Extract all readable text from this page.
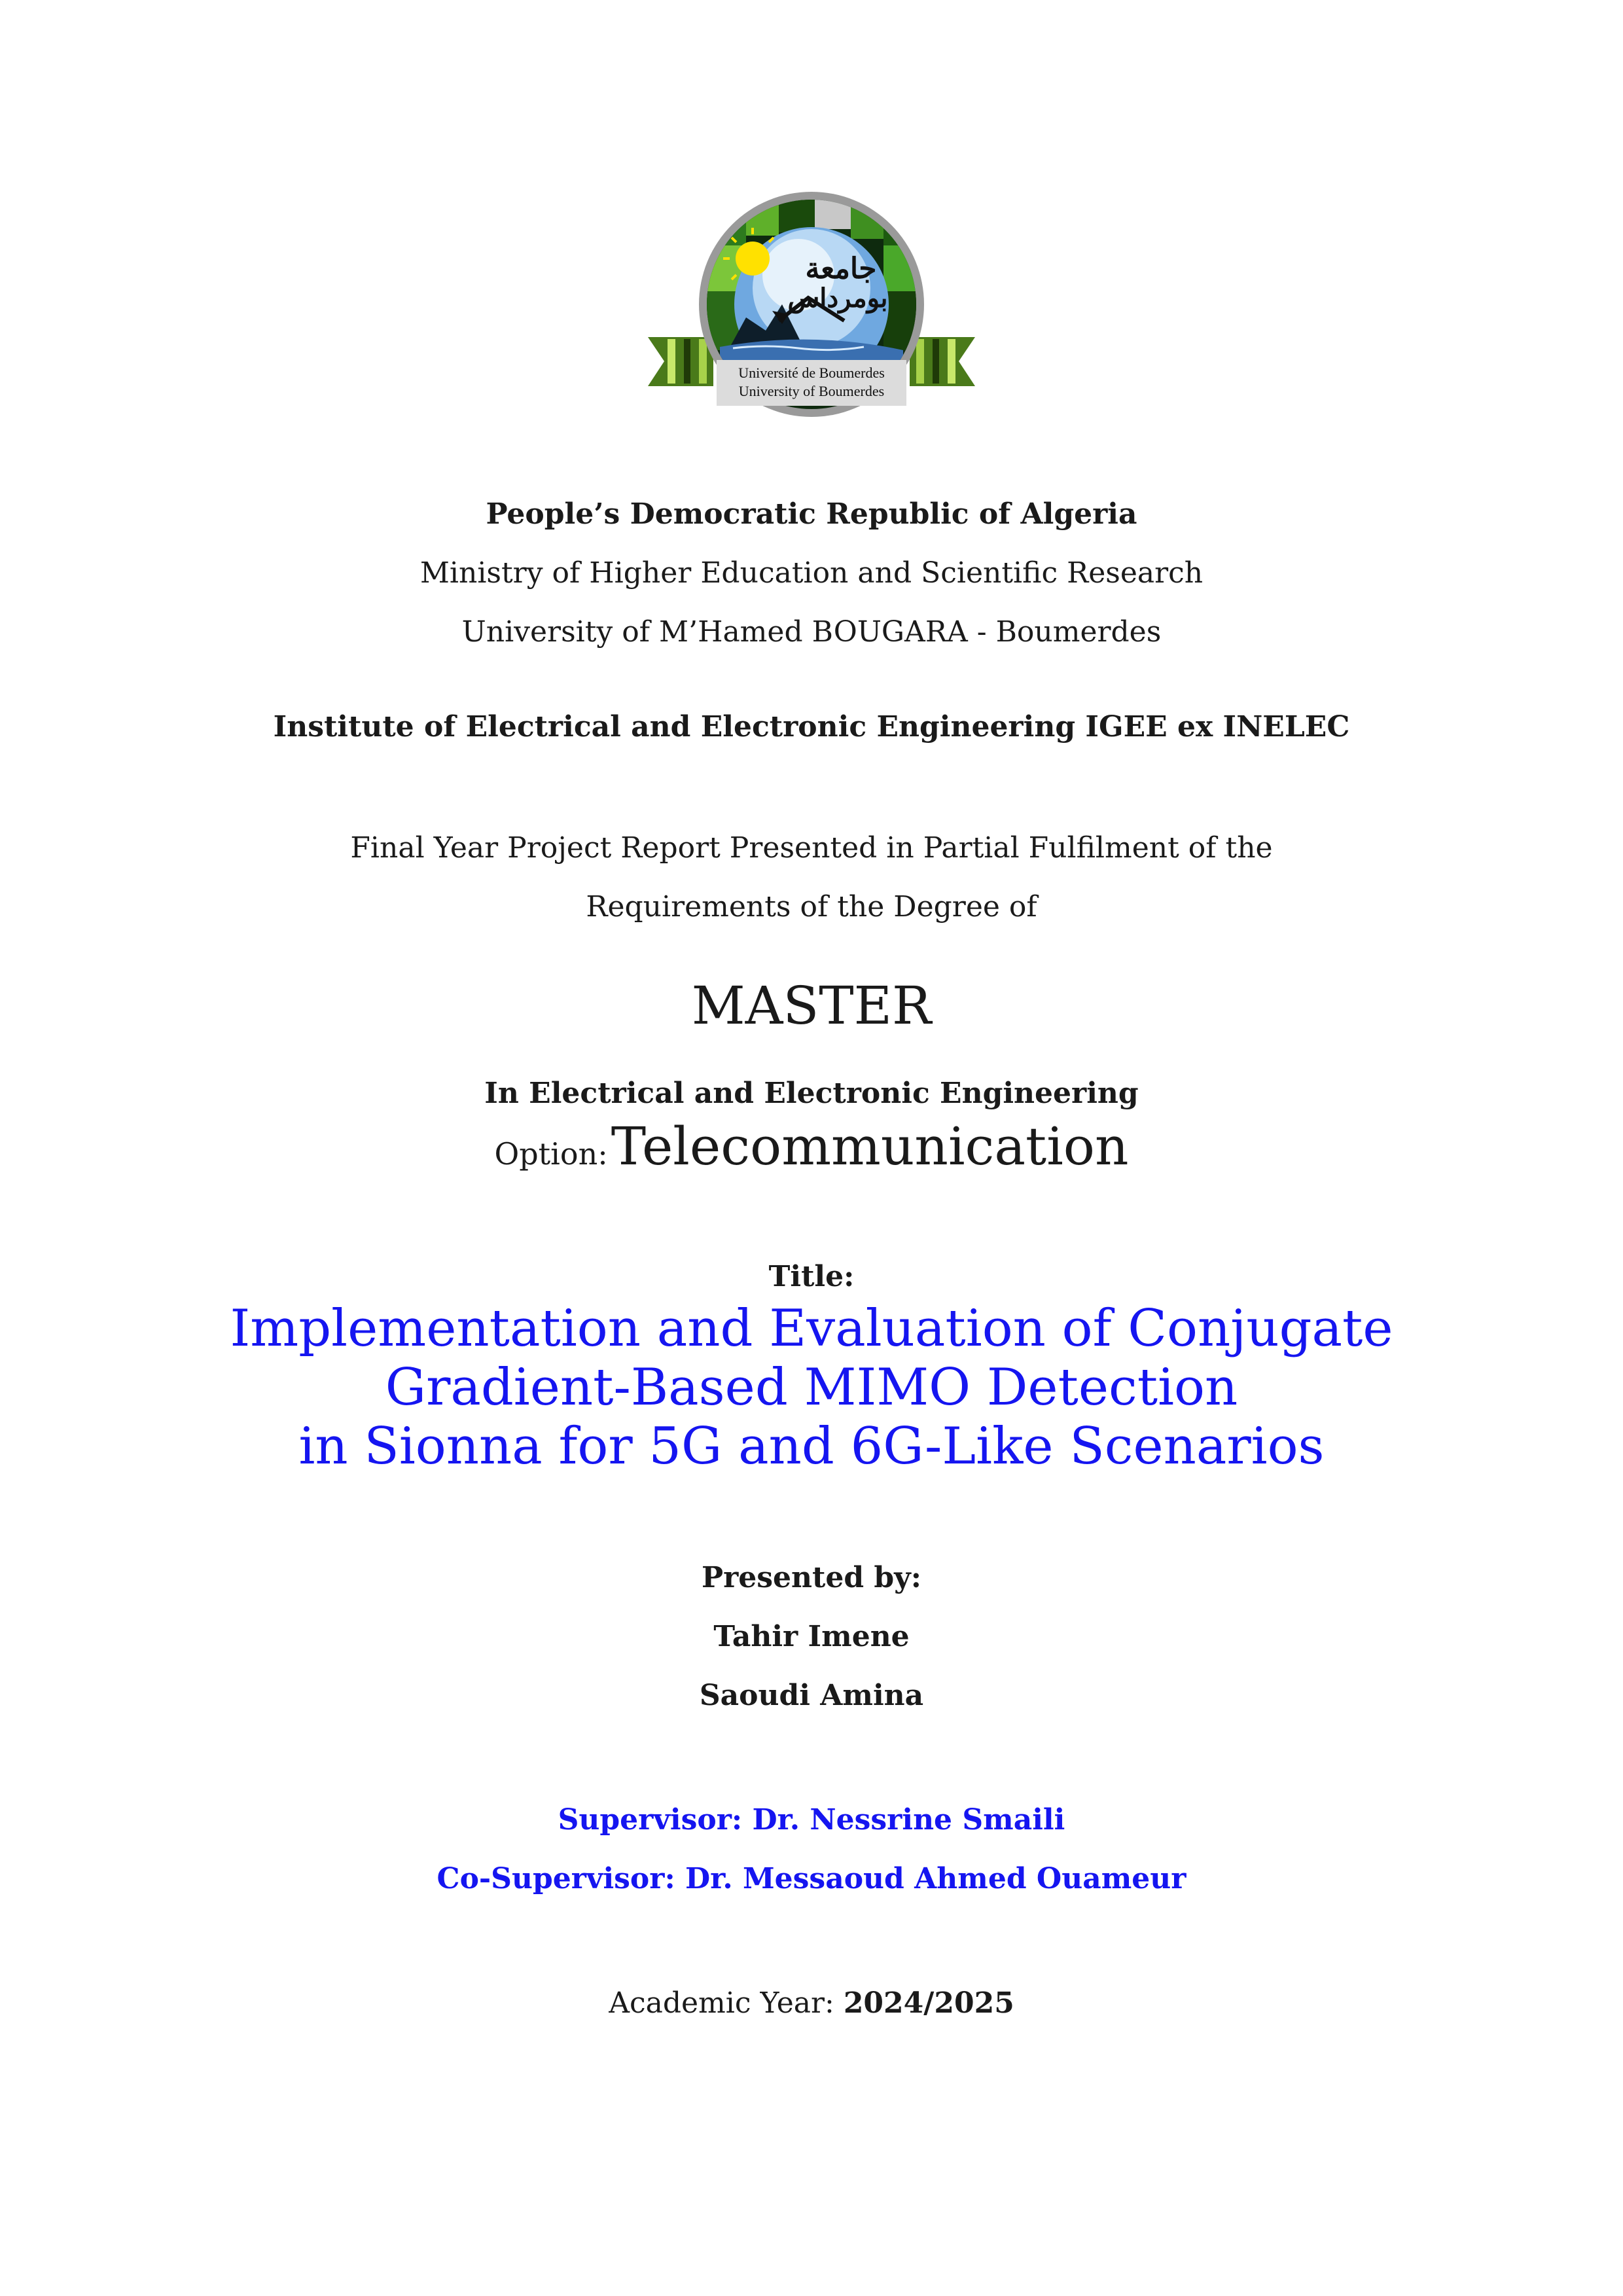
جامعة
بومرداس
Université de Boumerdes
University of Boumerdes
People’s Democratic Republic of Algeria
Ministry of Higher Education and Scientific Research
University of M’Hamed BOUGARA - Boumerdes
Institute of Electrical and Electronic Engineering IGEE ex INELEC
Final Year Project Report Presented in Partial Fulfilment of the
Requirements of the Degree of
MASTER
In Electrical and Electronic Engineering
Option: Telecommunication
Title:
Implementation and Evaluation of Conjugate
Gradient-Based MIMO Detection
in Sionna for 5G and 6G-Like Scenarios
Presented by:
Tahir Imene
Saoudi Amina
Supervisor: Dr. Nessrine Smaili
Co-Supervisor: Dr. Messaoud Ahmed Ouameur
Academic Year: 2024/2025
